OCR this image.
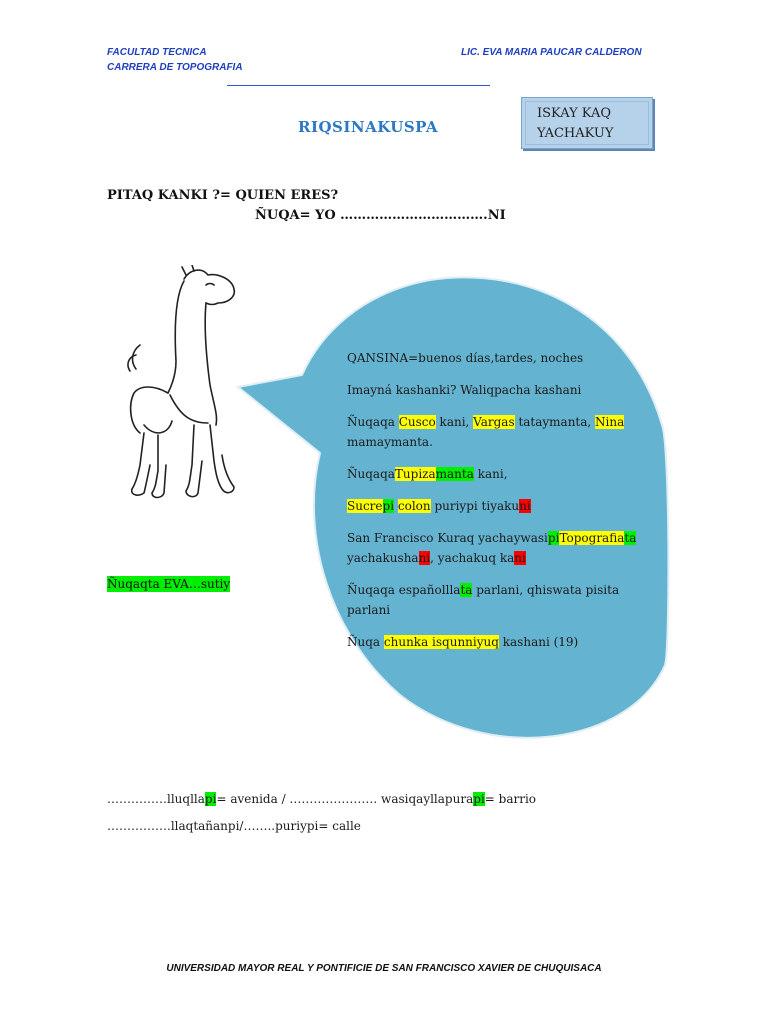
FACULTAD TECNICA
CARRERA DE TOPOGRAFIA
LIC. EVA MARIA PAUCAR CALDERON
RIQSINAKUSPA
ISKAY KAQ
YACHAKUY
PITAQ KANKI ?= QUIEN ERES?
ÑUQA= YO …………………………….NI

QANSINA=buenos días,tardes, noches

Imayná kashanki? Waliqpacha kashani

Ñuqaqa Cusco kani, Vargas tataymanta, Nina mamaymanta.

ÑuqaqaTupizamanta kani,

Sucrepi colon puriypi tiyakuni

San Francisco Kuraq yachaywasipiTopografiata yachakushani, yachakuq kani

Ñuqaqa españolllata parlani, qhiswata pisita parlani

Ñuqa chunka isqunniyuq kashani (19)

Ñuqaqta EVA…sutiy
……………lluqllapi= avenida / …………………. wasiqayllapurapi= barrio
…………….llaqtañanpi/……..puriypi= calle
UNIVERSIDAD MAYOR REAL Y PONTIFICIE DE SAN FRANCISCO XAVIER DE CHUQUISACA
